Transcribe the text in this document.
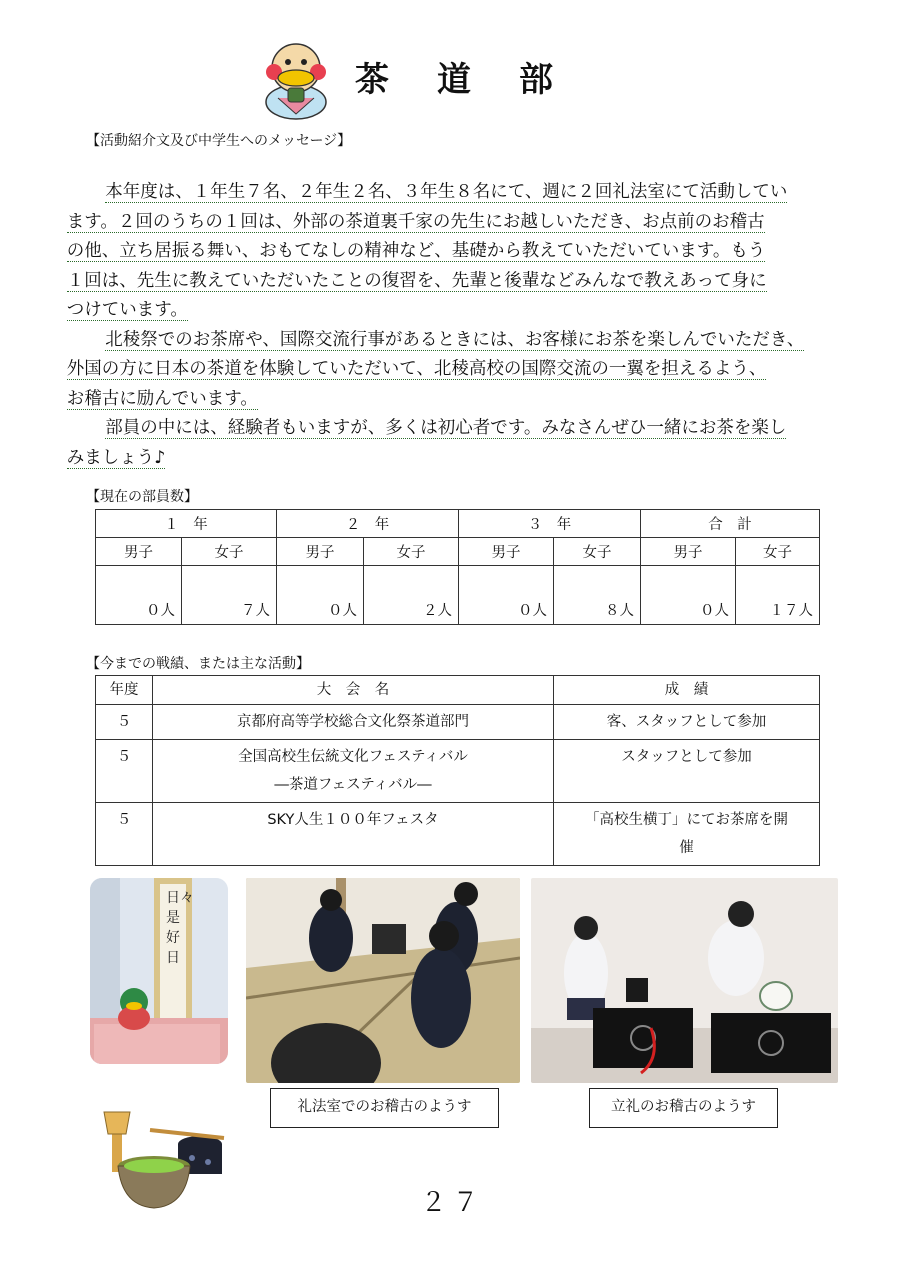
茶 道 部
【活動紹介文及び中学生へのメッセージ】

本年度は、１年生７名、２年生２名、３年生８名にて、週に２回礼法室にて活動してい
ます。２回のうちの１回は、外部の茶道裏千家の先生にお越しいただき、お点前のお稽古
の他、立ち居振る舞い、おもてなしの精神など、基礎から教えていただいています。もう
１回は、先生に教えていただいたことの復習を、先輩と後輩などみんなで教えあって身に
つけています。

北稜祭でのお茶席や、国際交流行事があるときには、お客様にお茶を楽しんでいただき、
外国の方に日本の茶道を体験していただいて、北稜高校の国際交流の一翼を担えるよう、
お稽古に励んでいます。

部員の中には、経験者もいますが、多くは初心者です。みなさんぜひ一緒にお茶を楽し
みましょう♪

【現在の部員数】
１　年		２　年		３　年		合　計	
男子	女子	男子	女子	男子	女子	男子	女子
０人	７人	０人	２人	０人	８人	０人	１７人
【今までの戦績、または主な活動】
年度	大　会　名	成　績
５	京都府高等学校総合文化祭茶道部門	客、スタッフとして参加
５	全国高校生伝統文化フェスティバル
―茶道フェスティバル―	スタッフとして参加
５	SKY人生１００年フェスタ	「高校生横丁」にてお茶席を開
催
日々是好日
礼法室でのお稽古のようす	立礼のお稽古のようす
２７
